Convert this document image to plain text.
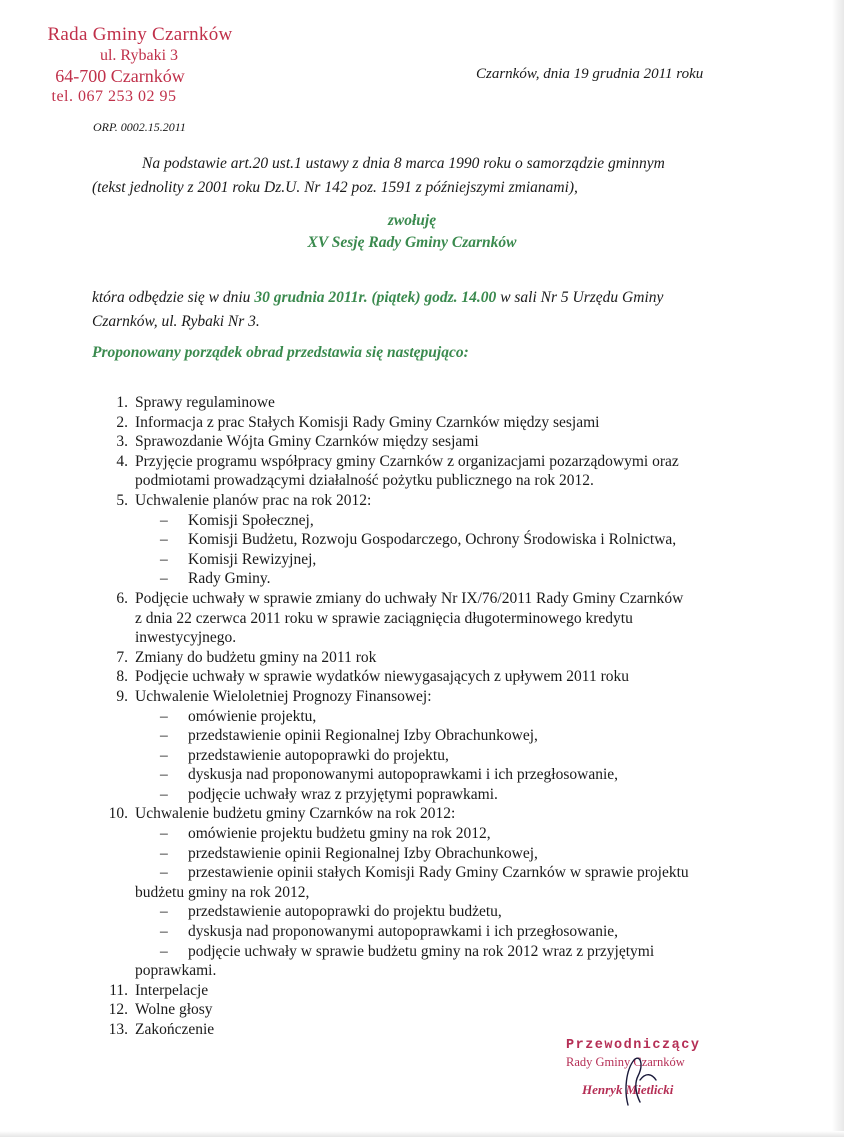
Rada Gminy Czarnków
ul. Rybaki 3
64-700 Czarnków
tel. 067 253 02 95
Czarnków, dnia 19 grudnia 2011 roku
ORP. 0002.15.2011
Na podstawie art.20 ust.1 ustawy z dnia 8 marca 1990 roku o samorządzie gminnym
(tekst jednolity z 2001 roku Dz.U. Nr 142 poz. 1591 z późniejszymi zmianami),
zwołuję
XV Sesję Rady Gminy Czarnków
która odbędzie się w dniu 30 grudnia 2011r. (piątek) godz. 14.00 w sali Nr 5 Urzędu Gminy
Czarnków, ul. Rybaki Nr 3.
Proponowany porządek obrad przedstawia się następująco:
1. Sprawy regulaminowe
2. Informacja z prac Stałych Komisji Rady Gminy Czarnków między sesjami
3. Sprawozdanie Wójta Gminy Czarnków między sesjami
4. Przyjęcie programu współpracy gminy Czarnków z organizacjami pozarządowymi oraz
podmiotami prowadzącymi działalność pożytku publicznego na rok 2012.
5. Uchwalenie planów prac na rok 2012:
– Komisji Społecznej,
– Komisji Budżetu, Rozwoju Gospodarczego, Ochrony Środowiska i Rolnictwa,
– Komisji Rewizyjnej,
– Rady Gminy.
6. Podjęcie uchwały w sprawie zmiany do uchwały Nr IX/76/2011 Rady Gminy Czarnków
z dnia 22 czerwca 2011 roku w sprawie zaciągnięcia długoterminowego kredytu
inwestycyjnego.
7. Zmiany do budżetu gminy na 2011 rok
8. Podjęcie uchwały w sprawie wydatków niewygasających z upływem 2011 roku
9. Uchwalenie Wieloletniej Prognozy Finansowej:
– omówienie projektu,
– przedstawienie opinii Regionalnej Izby Obrachunkowej,
– przedstawienie autopoprawki do projektu,
– dyskusja nad proponowanymi autopoprawkami i ich przegłosowanie,
– podjęcie uchwały wraz z przyjętymi poprawkami.
10. Uchwalenie budżetu gminy Czarnków na rok 2012:
– omówienie projektu budżetu gminy na rok 2012,
– przedstawienie opinii Regionalnej Izby Obrachunkowej,
– przestawienie opinii stałych Komisji Rady Gminy Czarnków w sprawie projektu
budżetu gminy na rok 2012,
– przedstawienie autopoprawki do projektu budżetu,
– dyskusja nad proponowanymi autopoprawkami i ich przegłosowanie,
– podjęcie uchwały w sprawie budżetu gminy na rok 2012 wraz z przyjętymi
poprawkami.
11. Interpelacje
12. Wolne głosy
13. Zakończenie
Przewodniczący
Rady Gminy Czarnków
Henryk Mietlicki
